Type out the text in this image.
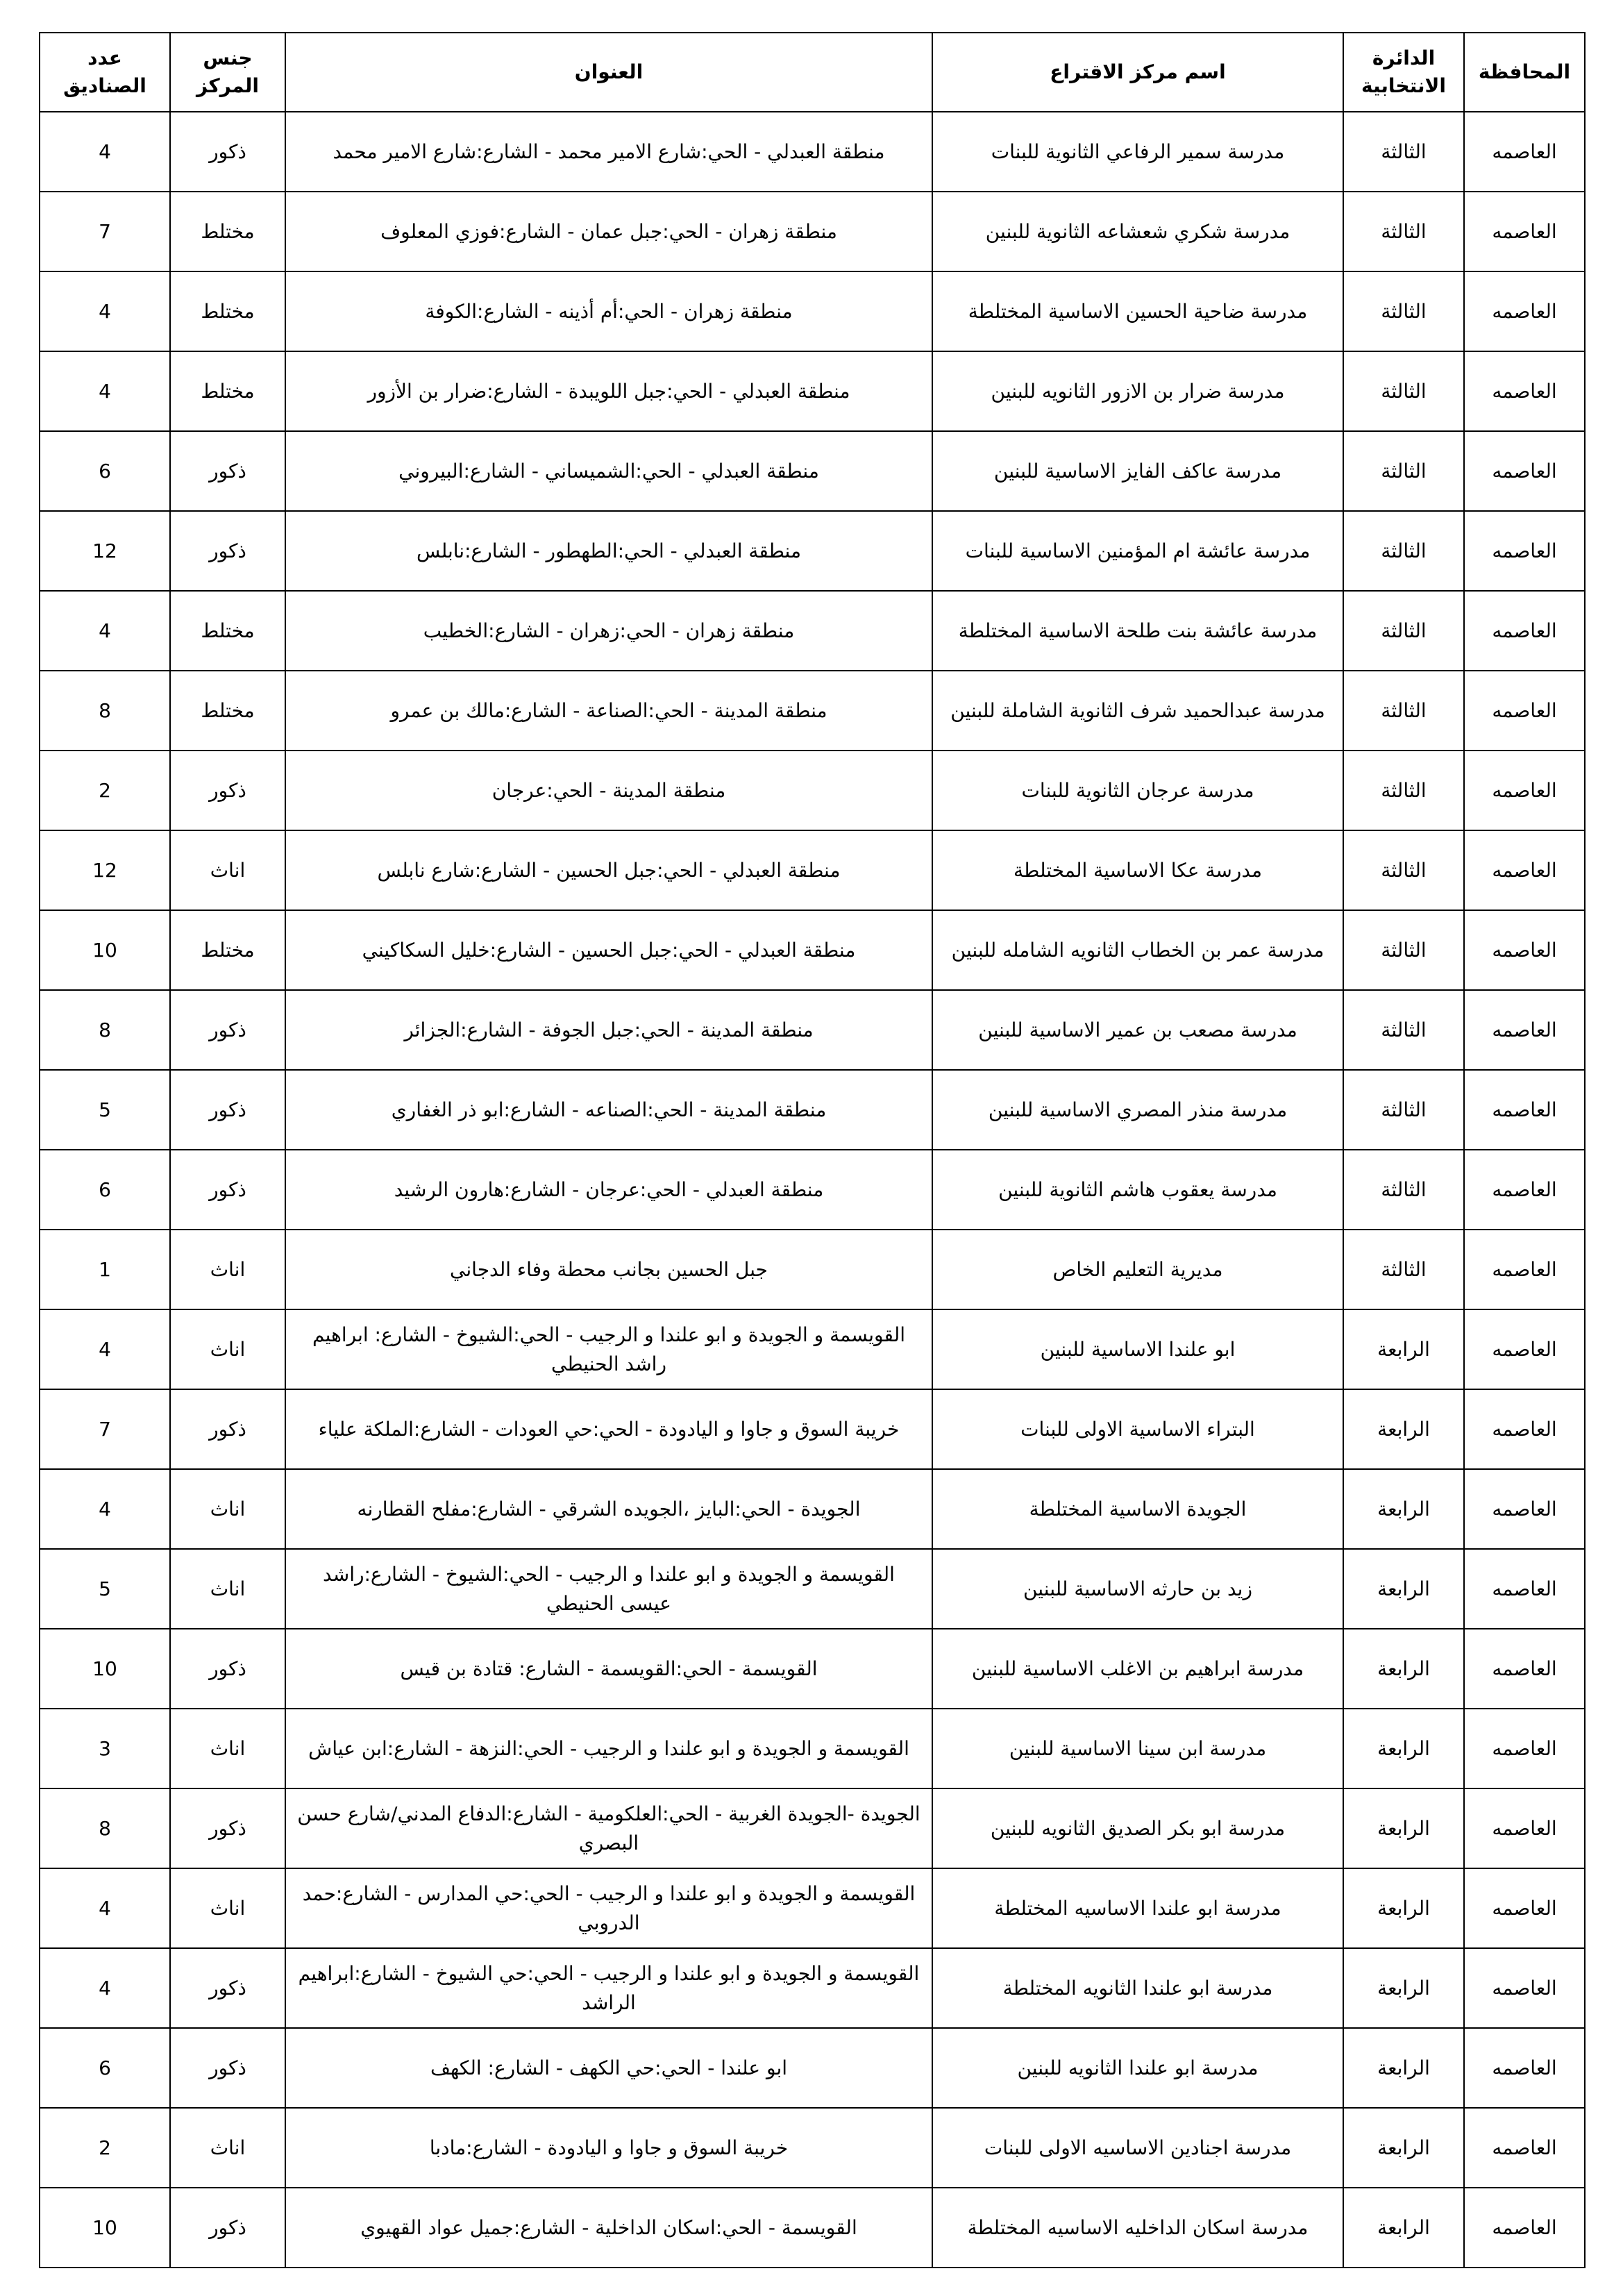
المحافظة	الدائرة الانتخابية	اسم مركز الاقتراع	العنوان	جنس المركز	عدد الصناديق
العاصمه	الثالثة	مدرسة سمير الرفاعي الثانوية للبنات	منطقة العبدلي - الحي:شارع الامير محمد - الشارع:شارع الامير محمد	ذكور	4
العاصمه	الثالثة	مدرسة شكري شعشاعه الثانوية للبنين	منطقة زهران - الحي:جبل عمان - الشارع:فوزي المعلوف	مختلط	7
العاصمه	الثالثة	مدرسة ضاحية الحسين الاساسية المختلطة	منطقة زهران - الحي:أم أذينه - الشارع:الكوفة	مختلط	4
العاصمه	الثالثة	مدرسة ضرار بن الازور الثانويه للبنين	منطقة العبدلي - الحي:جبل اللويبدة - الشارع:ضرار بن الأزور	مختلط	4
العاصمه	الثالثة	مدرسة عاكف الفايز الاساسية للبنين	منطقة العبدلي - الحي:الشميساني - الشارع:البيروني	ذكور	6
العاصمه	الثالثة	مدرسة عائشة ام المؤمنين الاساسية للبنات	منطقة العبدلي - الحي:الطهطور - الشارع:نابلس	ذكور	12
العاصمه	الثالثة	مدرسة عائشة بنت طلحة الاساسية المختلطة	منطقة زهران - الحي:زهران - الشارع:الخطيب	مختلط	4
العاصمه	الثالثة	مدرسة عبدالحميد شرف الثانوية الشاملة للبنين	منطقة المدينة - الحي:الصناعة - الشارع:مالك بن عمرو	مختلط	8
العاصمه	الثالثة	مدرسة عرجان الثانوية للبنات	منطقة المدينة - الحي:عرجان	ذكور	2
العاصمه	الثالثة	مدرسة عكا الاساسية المختلطة	منطقة العبدلي - الحي:جبل الحسين - الشارع:شارع نابلس	اناث	12
العاصمه	الثالثة	مدرسة عمر بن الخطاب الثانويه الشامله للبنين	منطقة العبدلي - الحي:جبل الحسين - الشارع:خليل السكاكيني	مختلط	10
العاصمه	الثالثة	مدرسة مصعب بن عمير الاساسية للبنين	منطقة المدينة - الحي:جبل الجوفة - الشارع:الجزائر	ذكور	8
العاصمه	الثالثة	مدرسة منذر المصري الاساسية للبنين	منطقة المدينة - الحي:الصناعه - الشارع:ابو ذر الغفاري	ذكور	5
العاصمه	الثالثة	مدرسة يعقوب هاشم الثانوية للبنين	منطقة العبدلي - الحي:عرجان - الشارع:هارون الرشيد	ذكور	6
العاصمه	الثالثة	مديرية التعليم الخاص	جبل الحسين بجانب محطة وفاء الدجاني	اناث	1
العاصمه	الرابعة	ابو علندا الاساسية للبنين	القويسمة و الجويدة و ابو علندا و الرجيب - الحي:الشيوخ - الشارع: ابراهيم راشد الحنيطي	اناث	4
العاصمه	الرابعة	البتراء الاساسية الاولى للبنات	خريبة السوق و جاوا و اليادودة - الحي:حي العودات - الشارع:الملكة علياء	ذكور	7
العاصمه	الرابعة	الجويدة الاساسية المختلطة	الجويدة - الحي:البايز ،الجويده الشرقي - الشارع:مفلح القطارنه	اناث	4
العاصمه	الرابعة	زيد بن حارثه الاساسية للبنين	القويسمة و الجويدة و ابو علندا و الرجيب - الحي:الشيوخ - الشارع:راشد عيسى الحنيطي	اناث	5
العاصمه	الرابعة	مدرسة ابراهيم بن الاغلب الاساسية للبنين	القويسمة - الحي:القويسمة - الشارع: قتادة بن قيس	ذكور	10
العاصمه	الرابعة	مدرسة ابن سينا الاساسية للبنين	القويسمة و الجويدة و ابو علندا و الرجيب - الحي:النزهة - الشارع:ابن عياش	اناث	3
العاصمه	الرابعة	مدرسة ابو بكر الصديق الثانويه للبنين	الجويدة -الجويدة الغربية - الحي:العلكومية - الشارع:الدفاع المدني/شارع حسن البصري	ذكور	8
العاصمه	الرابعة	مدرسة ابو علندا الاساسيه المختلطة	القويسمة و الجويدة و ابو علندا و الرجيب - الحي:حي المدارس - الشارع:حمد الدروبي	اناث	4
العاصمه	الرابعة	مدرسة ابو علندا الثانويه المختلطة	القويسمة و الجويدة و ابو علندا و الرجيب - الحي:حي الشيوخ - الشارع:ابراهيم الراشد	ذكور	4
العاصمه	الرابعة	مدرسة ابو علندا الثانويه للبنين	ابو علندا - الحي:حي الكهف - الشارع: الكهف	ذكور	6
العاصمه	الرابعة	مدرسة اجنادين الاساسيه الاولى للبنات	خريبة السوق و جاوا و اليادودة - الشارع:مادبا	اناث	2
العاصمه	الرابعة	مدرسة اسكان الداخليه الاساسيه المختلطة	القويسمة - الحي:اسكان الداخلية - الشارع:جميل عواد القهيوي	ذكور	10
